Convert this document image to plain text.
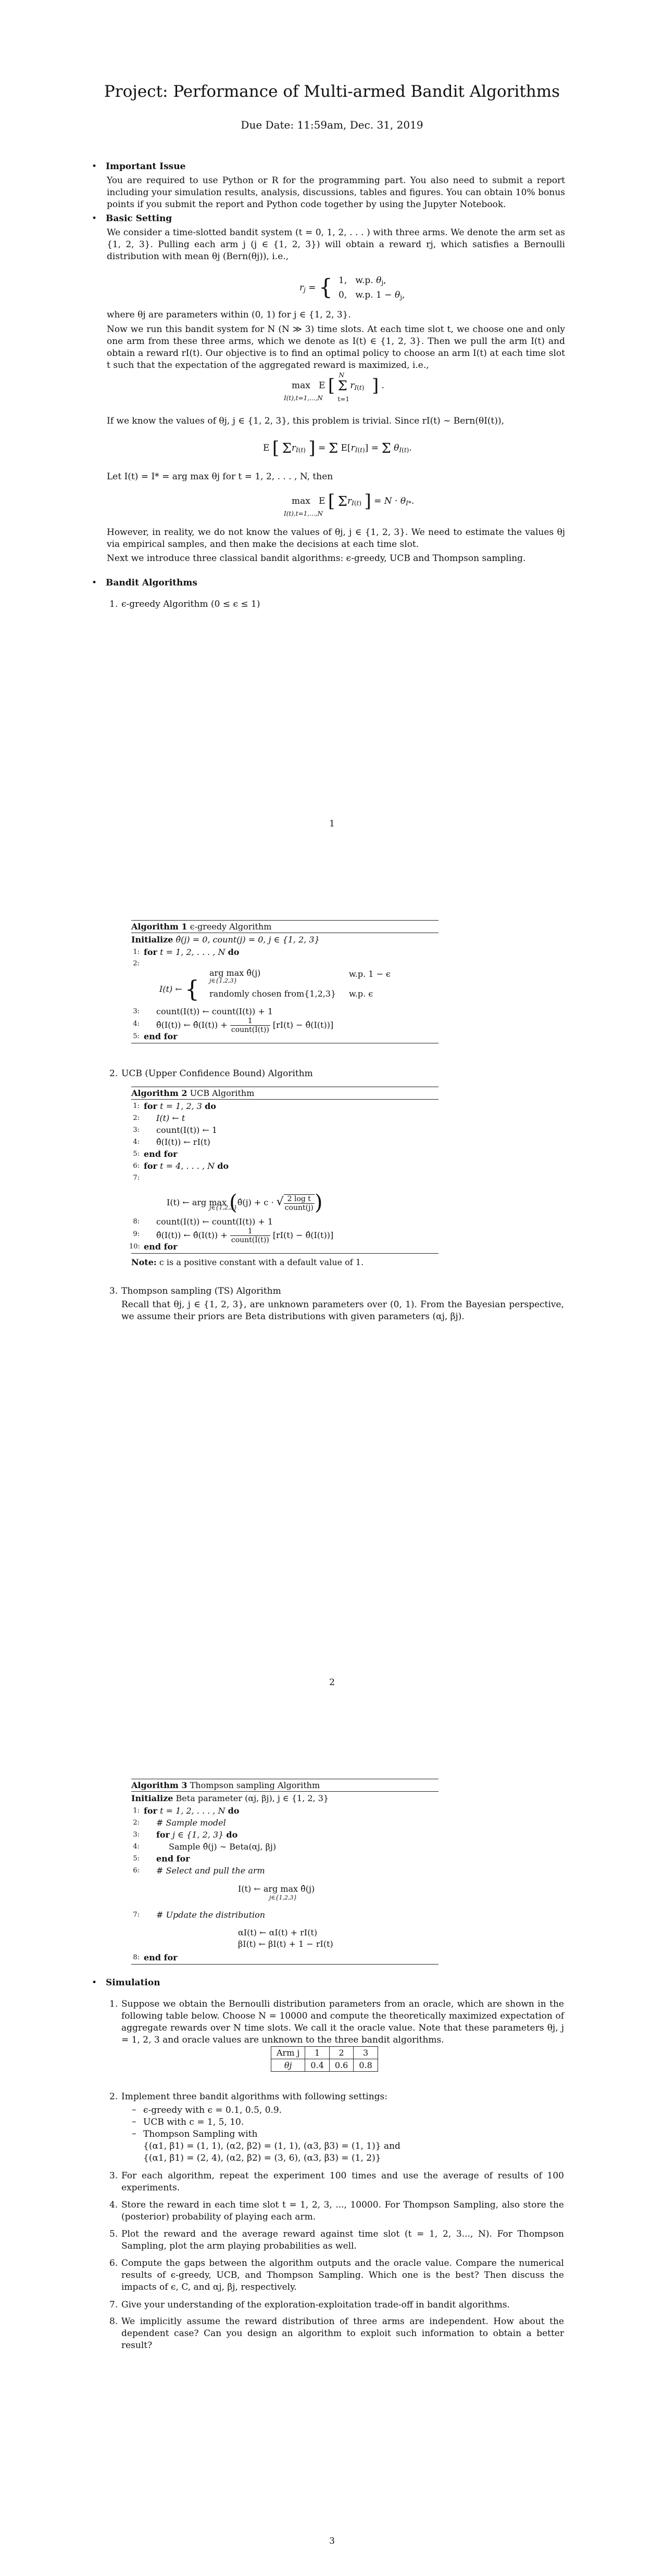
Project: Performance of Multi-armed Bandit Algorithms
Due Date: 11:59am, Dec. 31, 2019
• Important Issue
You are required to use Python or R for the programming part. You also need to submit a report including your simulation results, analysis, discussions, tables and figures. You can obtain 10% bonus points if you submit the report and Python code together by using the Jupyter Notebook.
• Basic Setting
We consider a time-slotted bandit system (t = 0, 1, 2, . . . ) with three arms. We denote the arm set as {1, 2, 3}. Pulling each arm j (j ∈ {1, 2, 3}) will obtain a reward rj, which satisfies a Bernoulli distribution with mean θj (Bern(θj)), i.e.,
$r_j$ = { 1,   w.p. $\theta_j$,
0,   w.p. $1 - \theta_j$,
where θj are parameters within (0, 1) for j ∈ {1, 2, 3}.
Now we run this bandit system for N (N ≫ 3) time slots. At each time slot t, we choose one and only one arm from these three arms, which we denote as I(t) ∈ {1, 2, 3}. Then we pull the arm I(t) and obtain a reward rI(t). Our objective is to find an optimal policy to choose an arm I(t) at each time slot t such that the expectation of the aggregated reward is maximized, i.e.,
max   E [ N
Σ $r_{I(t)}$
t=1
] .
I(t),t=1,...,N
If we know the values of θj, j ∈ {1, 2, 3}, this problem is trivial. Since rI(t) ∼ Bern(θI(t)),
E [ $\Sigma r_{I(t)}$ ] = Σ $E[r_{I(t)}] = \Sigma$ $\theta_{I(t)}$.
Let I(t) = I* = arg max θj for t = 1, 2, . . . , N, then
max   E [ $\Sigma r_{I(t)}$ ] = $N \cdot \theta_{I*}$.
I(t),t=1,...,N
However, in reality, we do not know the values of θj, j ∈ {1, 2, 3}. We need to estimate the values θj via empirical samples, and then make the decisions at each time slot.
Next we introduce three classical bandit algorithms: ϵ-greedy, UCB and Thompson sampling.
• Bandit Algorithms
1. ϵ-greedy Algorithm (0 ≤ ϵ ≤ 1)
1
Algorithm 1 ϵ-greedy Algorithm
Initialize θ̂(j) = 0, count(j) = 0, j ∈ {1, 2, 3}
1: for t = 1, 2, . . . , N do
2:
I(t) ← {
arg max θ̂(j)
j∈{1,2,3}
w.p. 1 − ϵ
randomly chosen from{1,2,3} w.p. ϵ
3: count(I(t)) ← count(I(t)) + 1
4: θ̂(I(t)) ← θ̂(I(t)) + $\frac{1}{\text{count(I(t))}} [rI(t)$ − θ̂(I(t))]
5: end for
2. UCB (Upper Confidence Bound) Algorithm
Algorithm 2 UCB Algorithm
1: for t = 1, 2, 3 do
2: I(t) ← t
3: count(I(t)) ← 1
4: θ̂(I(t)) ← rI(t)
5: end for
6: for t = 4, . . . , N do
7:
I(t) ← arg max (θ̂(j) + c · √ $\frac{\text{2 log t}}{\text{count(j)}}$ )
j∈{1,2,3}
8: count(I(t)) ← count(I(t)) + 1
9: θ̂(I(t)) ← θ̂(I(t)) + $\frac{1}{\text{count(I(t))}} [rI(t)$ − θ̂(I(t))]
10: end for
Note: c is a positive constant with a default value of 1.
3. Thompson sampling (TS) Algorithm
Recall that θj, j ∈ {1, 2, 3}, are unknown parameters over (0, 1). From the Bayesian perspective, we assume their priors are Beta distributions with given parameters (αj, βj).
2
Algorithm 3 Thompson sampling Algorithm
Initialize Beta parameter (αj, βj), j ∈ {1, 2, 3}
1: for t = 1, 2, . . . , N do
2: # Sample model
3: for j ∈ {1, 2, 3} do
4:	Sample θ̂(j) ∼ Beta(αj, βj)
5: end for
6: # Select and pull the arm
I(t) ← arg max θ̂(j)
j∈{1,2,3}
7: # Update the distribution
αI(t) ← αI(t) + rI(t)
βI(t) ← βI(t) + 1 − rI(t)
8: end for
• Simulation
1. Suppose we obtain the Bernoulli distribution parameters from an oracle, which are shown in the following table below. Choose N = 10000 and compute the theoretically maximized expectation of aggregate rewards over N time slots. We call it the oracle value. Note that these parameters θj, j = 1, 2, 3 and oracle values are unknown to the three bandit algorithms.
Arm j	1	2	3
θj	0.4	0.6	0.8
2. Implement three bandit algorithms with following settings:
– ϵ-greedy with ϵ = 0.1, 0.5, 0.9.
– UCB with c = 1, 5, 10.
– Thompson Sampling with
{(α1, β1) = (1, 1), (α2, β2) = (1, 1), (α3, β3) = (1, 1)} and
{(α1, β1) = (2, 4), (α2, β2) = (3, 6), (α3, β3) = (1, 2)}
3. For each algorithm, repeat the experiment 100 times and use the average of results of 100 experiments.
4. Store the reward in each time slot t = 1, 2, 3, ..., 10000. For Thompson Sampling, also store the (posterior) probability of playing each arm.
5. Plot the reward and the average reward against time slot (t = 1, 2, 3..., N). For Thompson Sampling, plot the arm playing probabilities as well.
6. Compute the gaps between the algorithm outputs and the oracle value. Compare the numerical results of ϵ-greedy, UCB, and Thompson Sampling. Which one is the best? Then discuss the impacts of ϵ, C, and αj, βj, respectively.
7. Give your understanding of the exploration-exploitation trade-off in bandit algorithms.
8. We implicitly assume the reward distribution of three arms are independent. How about the dependent case? Can you design an algorithm to exploit such information to obtain a better result?
3
